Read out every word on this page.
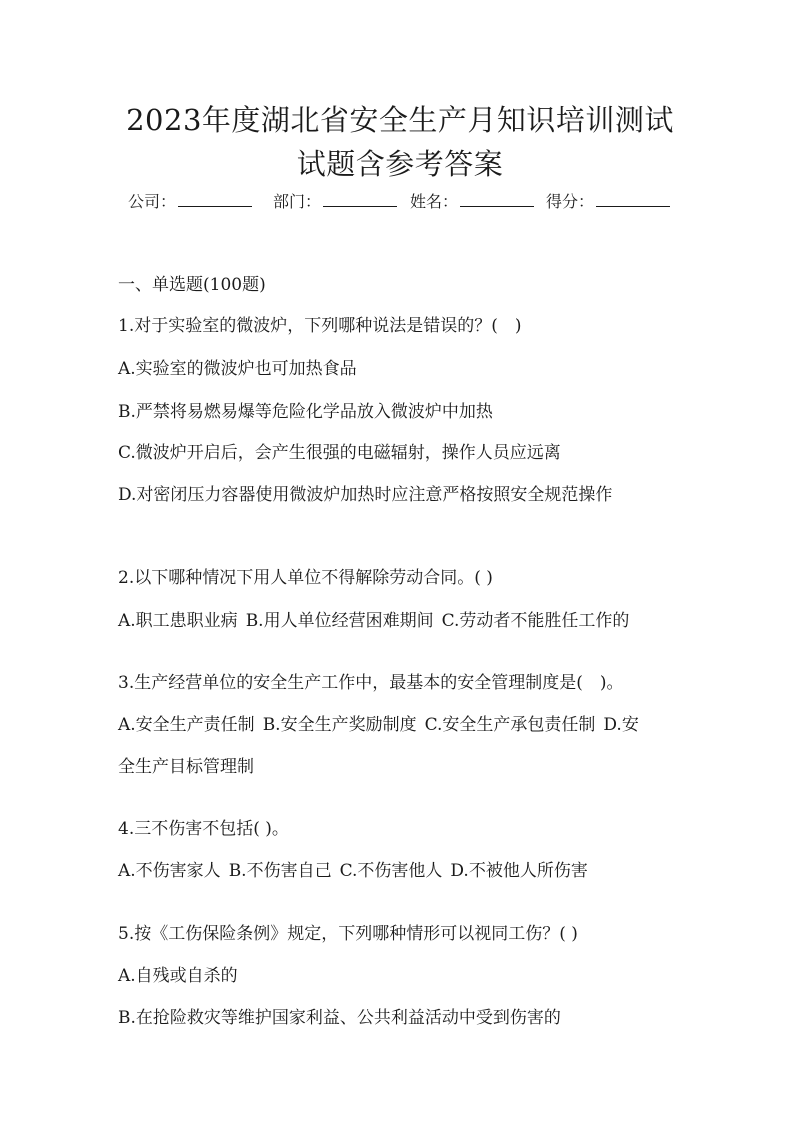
2023年度湖北省安全生产月知识培训测试
试题含参考答案
公司：	部门：	姓名：	得分：
一、单选题(100题)
1.对于实验室的微波炉，下列哪种说法是错误的？(　)
A.实验室的微波炉也可加热食品
B.严禁将易燃易爆等危险化学品放入微波炉中加热
C.微波炉开启后，会产生很强的电磁辐射，操作人员应远离
D.对密闭压力容器使用微波炉加热时应注意严格按照安全规范操作
2.以下哪种情况下用人单位不得解除劳动合同。( )
A.职工患职业病 B.用人单位经营困难期间 C.劳动者不能胜任工作的
3.生产经营单位的安全生产工作中，最基本的安全管理制度是(　)。
A.安全生产责任制 B.安全生产奖励制度 C.安全生产承包责任制 D.安
全生产目标管理制
4.三不伤害不包括( )。
A.不伤害家人 B.不伤害自己 C.不伤害他人 D.不被他人所伤害
5.按《工伤保险条例》规定，下列哪种情形可以视同工伤？( )
A.自残或自杀的
B.在抢险救灾等维护国家利益、公共利益活动中受到伤害的
